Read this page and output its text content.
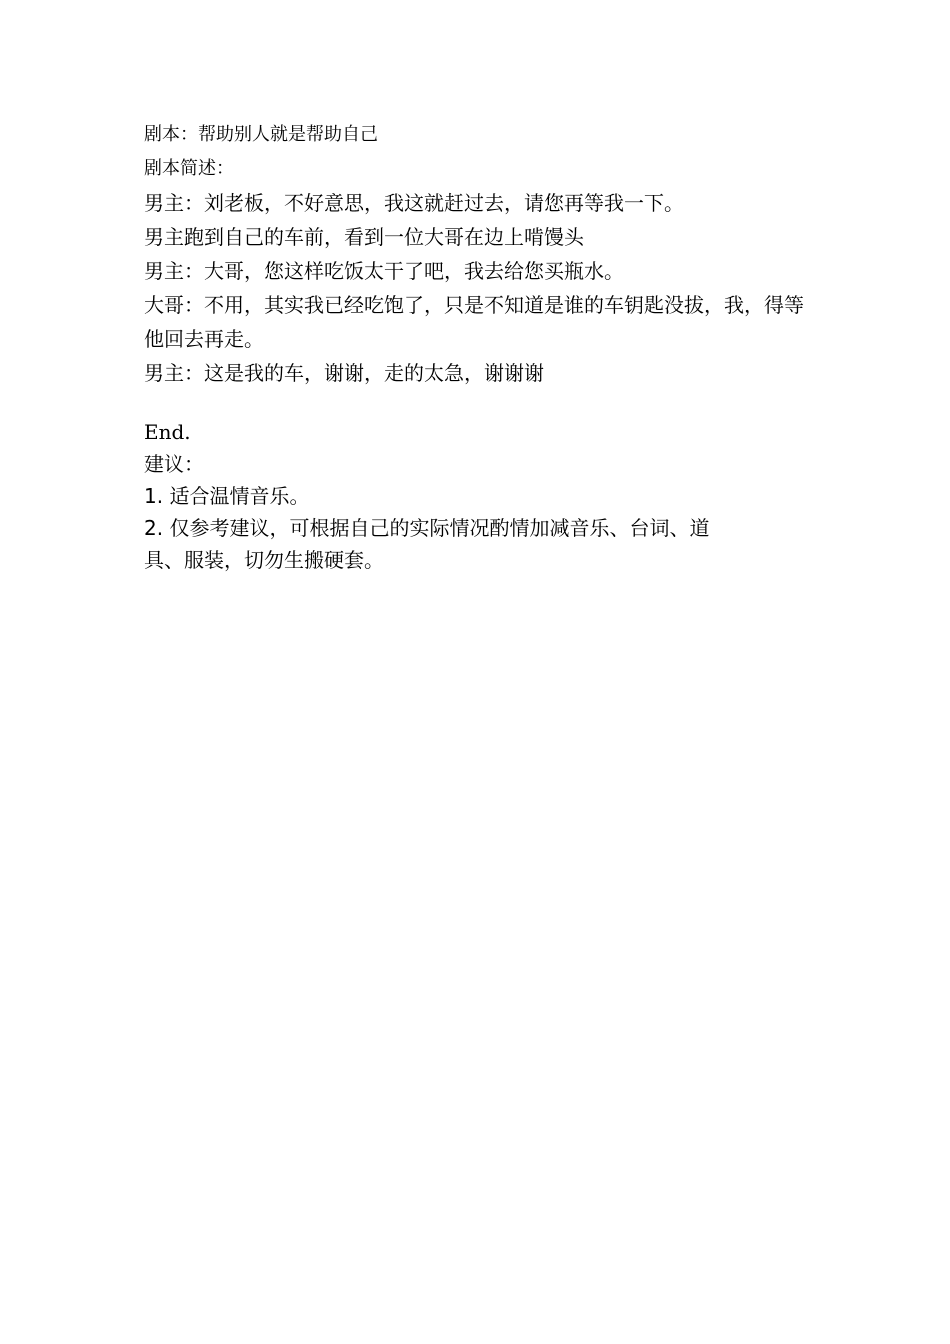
剧本：帮助别人就是帮助自己
剧本简述：
男主：刘老板，不好意思，我这就赶过去，请您再等我一下。
男主跑到自己的车前，看到一位大哥在边上啃馒头
男主：大哥，您这样吃饭太干了吧，我去给您买瓶水。
大哥：不用，其实我已经吃饱了，只是不知道是谁的车钥匙没拔，我，得等他回去再走。
男主：这是我的车，谢谢，走的太急，谢谢谢
End.
建议：
1. 适合温情音乐。
2. 仅参考建议，可根据自己的实际情况酌情加减音乐、台词、道具、服装，切勿生搬硬套。
